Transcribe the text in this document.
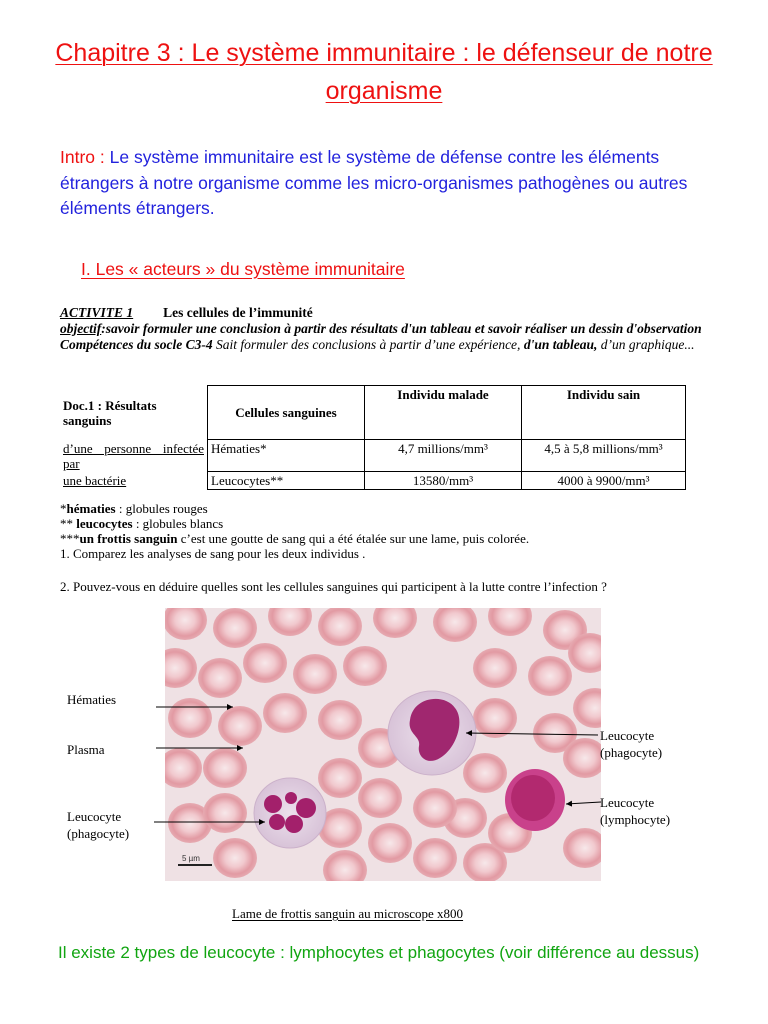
Chapitre 3 : Le système immunitaire : le défenseur de notre organisme
Intro : Le système immunitaire est le système de défense contre les éléments étrangers à notre organisme comme les micro-organismes pathogènes ou autres éléments étrangers.
I. Les « acteurs » du système immunitaire
ACTIVITE 1 Les cellules de l’immunité
objectif:savoir formuler une conclusion à partir des résultats d'un tableau et savoir réaliser un dessin d'observation Compétences du socle C3-4 Sait formuler des conclusions à partir d’une expérience, d'un tableau, d’un graphique...
Doc.1 : Résultats sanguins	Cellules sanguines	Individu malade	Individu sain
d’une personne infectée par	Hématies*	4,7 millions/mm³	4,5 à 5,8 millions/mm³
une bactérie	Leucocytes**	13580/mm³	4000 à 9900/mm³
*hématies : globules rouges
** leucocytes : globules blancs
***un frottis sanguin c’est une goutte de sang qui a été étalée sur une lame, puis colorée.
1. Comparez les analyses de sang pour les deux individus .
2. Pouvez-vous en déduire quelles sont les cellules sanguines qui participent à la lutte contre l’infection ?
5 µm
Hématies
Plasma
Leucocyte
(phagocyte)
Leucocyte
(phagocyte)
Leucocyte
(lymphocyte)
Lame de frottis sanguin au microscope x800
Il existe 2 types de leucocyte : lymphocytes et phagocytes (voir différence au dessus)
